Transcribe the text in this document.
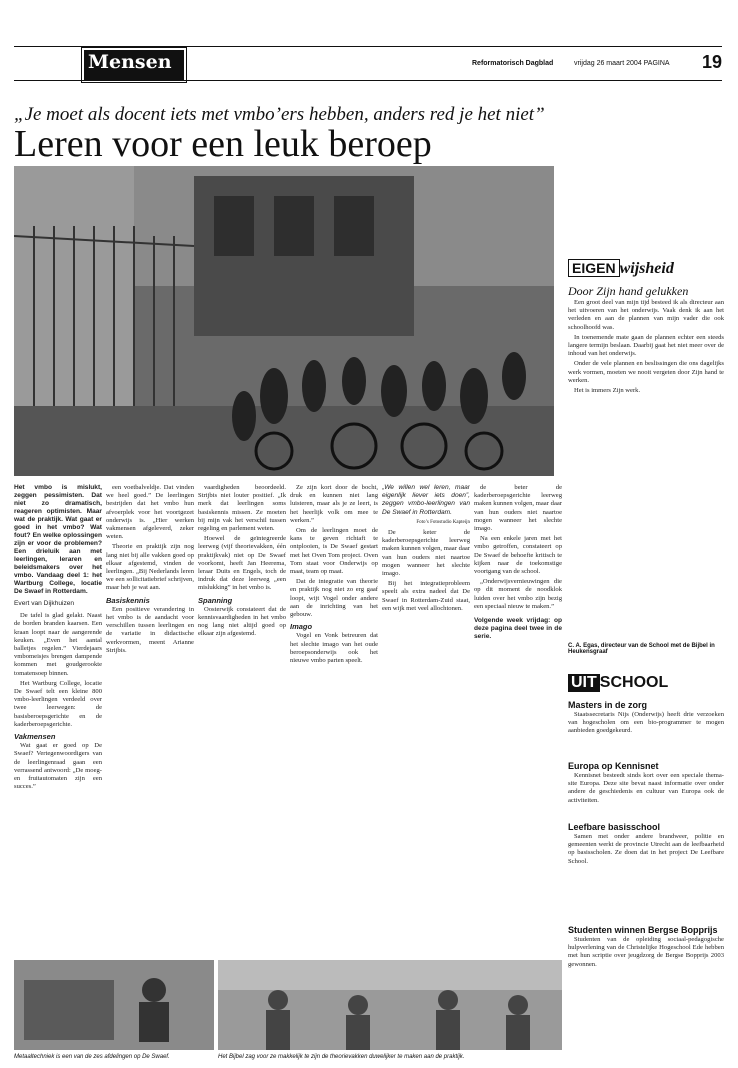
Mensen	Reformatorisch Dagblad	vrijdag 26 maart 2004 PAGINA	19
„Je moet als docent iets met vmbo’ers hebben, anders red je het niet”
Leren voor een leuk beroep
Het vmbo is mislukt, zeggen pessimisten. Dat niet zo dramatisch, reageren optimisten. Maar wat de praktijk. Wat gaat er goed in het vmbo? Wat fout? En welke oplossingen zijn er voor de problemen? Een drieluik aan met leerlingen, leraren en beleidsmakers over het vmbo. Vandaag deel 1: het Wartburg College, locatie De Swaef in Rotterdam.
Evert van Dijkhuizen

De tafel is glad gelakt. Naast de borden branden kaarsen. Een kraan loopt naar de aangerende keuken. „Even het aantal balletjes regelen.” Vierdejaars vmbomeisjes brengen dampende kommen met goudgerookte tomatensoep binnen.

Het Wartburg College, locatie De Swaef telt een kleine 800 vmbo-leerlingen verdeeld over twee leerwegen: de basisberoepsgerichte en de kaderberoepsgerichte.

Vakmensen

Wat gaat er goed op De Swaef? Vertegenwoordigers van de leerlingenraad gaan een verrassend antwoord: „De moeg- en fruitautomaten zijn een succes.”

een voetbalveldje. Dat vinden we heel goed.” De leerlingen bestrijden dat het vmbo hun afvoerplek voor het voortgezet onderwijs is. „Hier werken vakmensen afgeleverd, zeker weten.

Theorie en praktijk zijn nog lang niet bij alle vakken goed op elkaar afgestemd, vinden de leerlingen. „Bij Nederlands leren we een sollicitatiebrief schrijven, maar heb je wat aan.

Basiskennis

Een positieve verandering in het vmbo is de aandacht voor verschillen tussen leerlingen en de variatie in didactische werkvormen, meent Arianne Strijbis.

vaardigheden beoordeeld. Strijbis niet louter positief. „Ik merk dat leerlingen soms basiskennis missen. Ze moeten bij mijn vak het verschil tussen regeling en parlement weten.

Hoewel de geïntegreerde leerweg (vijf theorievakken, één praktijkvak) niet op De Swaef voorkomt, heeft Jan Heerema, leraar Duits en Engels, toch de indruk dat deze leerweg „een mislukking” in het vmbo is.

Spanning

Oosterwijk constateert dat de kennisvaardigheden in het vmbo nog lang niet altijd goed op elkaar zijn afgestemd.

Ze zijn kort door de bocht, druk en kunnen niet lang luisteren, maar als je ze leert, is het heerlijk volk om mee te werken.”

Om de leerlingen moet de kans te geven richtaft te ontplooien, is De Swaef gestart met het Oven Tom project. Oven Tom staat voor Onderwijs op maat, team op maat.

Dat de integratie van theorie en praktijk nog niet zo erg gaaf loopt, wijt Vogel onder andere aan de inrichting van het gebouw.

Imago

Vogel en Vonk betreuren dat het slechte imago van het oude beroepsonderwijs ook het nieuwe vmbo parten speelt.

„We willen wel leren, maar eigenlijk liever iets doen”, zeggen vmbo-leerlingen van De Swaef in Rotterdam.

Foto’s Fotostudio Kapteijn

De keter de kaderberoepsgerichte leerweg maken kunnen volgen, maar daar van hun ouders niet naartoe mogen wanneer het slechte imago.

Bij het integratieprobleem speelt als extra nadeel dat De Swaef in Rotterdam-Zuid staat, een wijk met veel allochtonen.

de beter de kaderberoepsgerichte leerweg maken kunnen volgen, maar daar van hun ouders niet naartoe mogen wanneer het slechte imago.

Na een enkele jaren met het vmbo getroffen, constateert op De Swaef de behoefte kritisch te kijken naar de toekomstige voortgang van de school.

„Onderwijsvernieuwingen die op dit moment de noodklok luiden over het vmbo zijn bezig een speciaal nieuw te maken.”

Volgende week vrijdag: op deze pagina deel twee in de serie.

Metaaltechniek is een van de zes afdelingen op De Swaef.	Het Bijbel zag voor ze makkelijk te zijn de theorievakken duwelijker te maken aan de praktijk.
EIGEN wijsheid
Door Zijn hand gelukken

Een groot deel van mijn tijd besteed ik als directeur aan het uitvoeren van het onderwijs. Vaak denk ik aan het verleden en aan de plannen van mijn vader die ook schoolhoofd was.

In toenemende mate gaan de plannen echter een steeds langere termijn beslaan. Daarbij gaat het niet meer over de inhoud van het onderwijs.

Onder de vele plannen en beslissingen die ons dagelijks werk vormen, moeten we nooit vergeten door Zijn hand te werken.

Het is immers Zijn werk.

C. A. Egas, directeur van de School met de Bijbel in Heukensgraaf
UIT SCHOOL
Masters in de zorg

Staatssecretaris Nijs (Onderwijs) heeft drie verzoeken van hogescholen om een bio-programmer te mogen aanbieden goedgekeurd.

Europa op Kennisnet

Kennisnet besteedt sinds kort over een speciale thema-site Europa. Deze site bevat naast informatie over onder andere de geschiedenis en cultuur van Europa ook de activiteiten.

Leefbare basisschool

Samen met onder andere brandweer, politie en gemeenten werkt de provincie Utrecht aan de leefbaarheid op basisscholen. Ze doen dat in het project De Leefbare School.

Studenten winnen Bergse Bopprijs

Studenten van de opleiding sociaal-pedagogische hulpverlening van de Christelijke Hogeschool Ede hebben met hun scriptie over jeugdzorg de Bergse Bopprijs 2003 gewonnen.
